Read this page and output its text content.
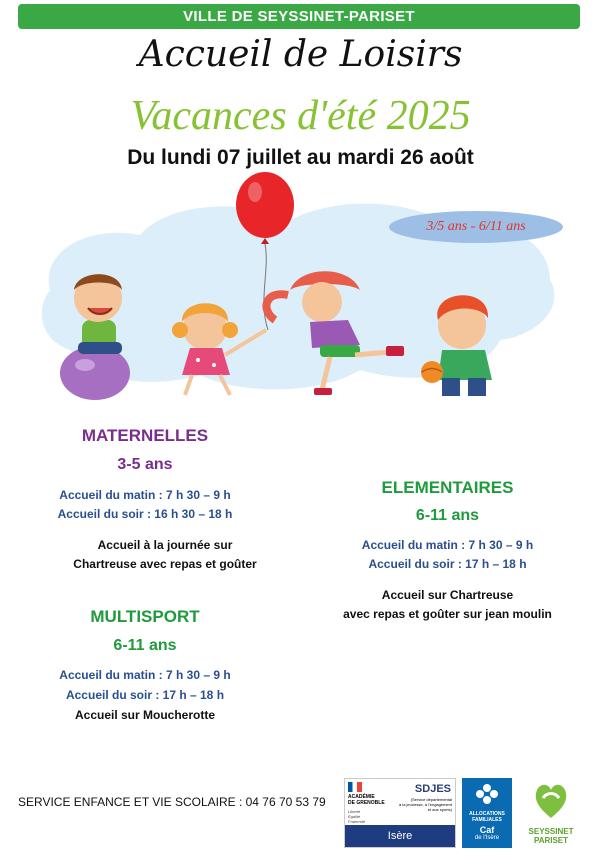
VILLE DE SEYSSINET-PARISET
Accueil de Loisirs
Vacances d'été 2025
Du lundi 07 juillet au mardi 26 août
3/5 ans - 6/11 ans
MATERNELLES
3-5 ans
Accueil du matin : 7 h 30 – 9 h
Accueil du soir : 16 h 30 – 18 h
Accueil à la journée sur
Chartreuse avec repas et goûter
ELEMENTAIRES
6-11 ans
Accueil du matin : 7 h 30 – 9 h
Accueil du soir : 17 h – 18 h
Accueil sur Chartreuse
avec repas et goûter sur jean moulin
MULTISPORT
6-11 ans
Accueil du matin : 7 h 30 – 9 h
Accueil du soir : 17 h – 18 h
Accueil sur Moucherotte
SERVICE ENFANCE ET VIE SCOLAIRE : 04 76 70 53 79	ACADÉMIE
DE GRENOBLE
Liberté
Égalité
Fraternité
SDJES
(Service départemental
à la jeunesse, à l'engagement
et aux sports)
Isère
ALLOCATIONS
FAMILIALES
Caf
de l'Isère
SEYSSINET
PARISET
